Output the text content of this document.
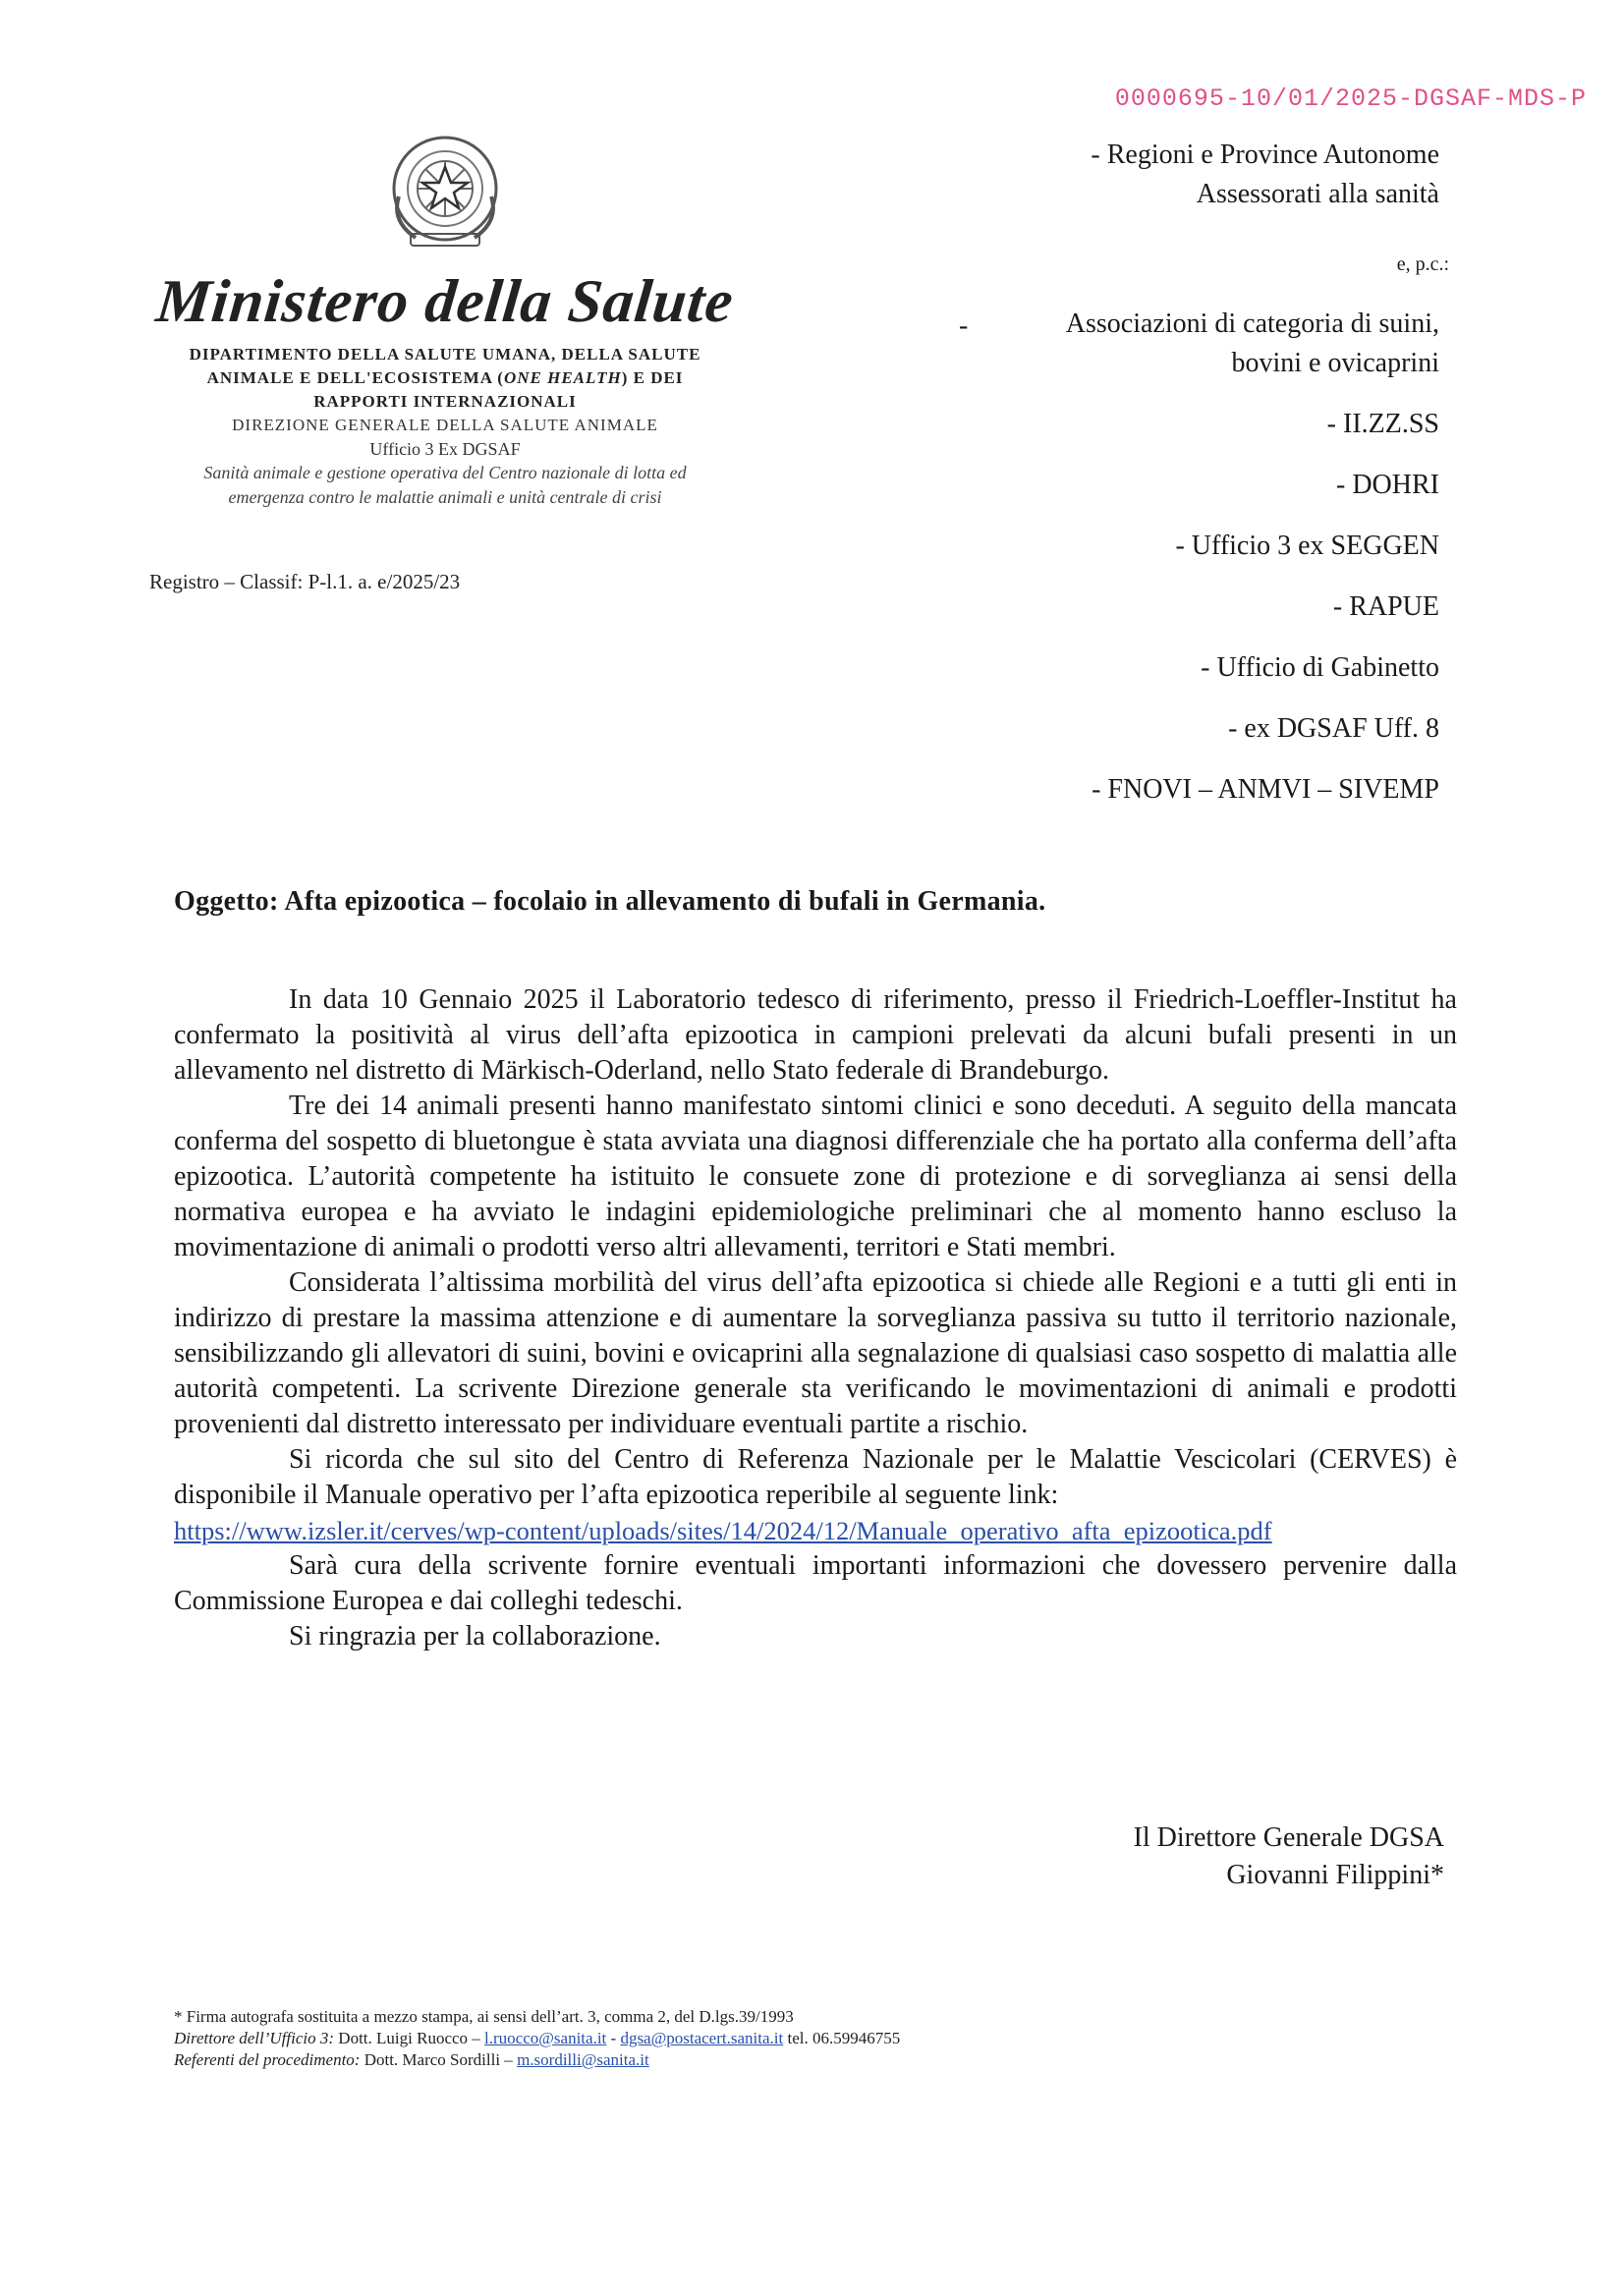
0000695-10/01/2025-DGSAF-MDS-P
Ministero della Salute
DIPARTIMENTO DELLA SALUTE UMANA, DELLA SALUTE
ANIMALE E DELL'ECOSISTEMA (ONE HEALTH) E DEI
RAPPORTI INTERNAZIONALI
DIREZIONE GENERALE DELLA SALUTE ANIMALE
Ufficio 3 Ex DGSAF
Sanità animale e gestione operativa del Centro nazionale di lotta ed
emergenza contro le malattie animali e unità centrale di crisi
Registro – Classif: P-l.1. a. e/2025/23
- Regioni e Province Autonome
Assessorati alla sanità
e, p.c.:
-	Associazioni di categoria di suini,
bovini e ovicaprini
- II.ZZ.SS
- DOHRI
- Ufficio 3 ex SEGGEN
- RAPUE
- Ufficio di Gabinetto
- ex DGSAF Uff. 8
- FNOVI – ANMVI – SIVEMP
Oggetto: Afta epizootica – focolaio in allevamento di bufali in Germania.

In data 10 Gennaio 2025 il Laboratorio tedesco di riferimento, presso il Friedrich-Loeffler-Institut ha confermato la positività al virus dell’afta epizootica in campioni prelevati da alcuni bufali presenti in un allevamento nel distretto di Märkisch-Oderland, nello Stato federale di Brandeburgo.

Tre dei 14 animali presenti hanno manifestato sintomi clinici e sono deceduti. A seguito della mancata conferma del sospetto di bluetongue è stata avviata una diagnosi differenziale che ha portato alla conferma dell’afta epizootica. L’autorità competente ha istituito le consuete zone di protezione e di sorveglianza ai sensi della normativa europea e ha avviato le indagini epidemiologiche preliminari che al momento hanno escluso la movimentazione di animali o prodotti verso altri allevamenti, territori e Stati membri.

Considerata l’altissima morbilità del virus dell’afta epizootica si chiede alle Regioni e a tutti gli enti in indirizzo di prestare la massima attenzione e di aumentare la sorveglianza passiva su tutto il territorio nazionale, sensibilizzando gli allevatori di suini, bovini e ovicaprini alla segnalazione di qualsiasi caso sospetto di malattia alle autorità competenti. La scrivente Direzione generale sta verificando le movimentazioni di animali e prodotti provenienti dal distretto interessato per individuare eventuali partite a rischio.

Si ricorda che sul sito del Centro di Referenza Nazionale per le Malattie Vescicolari (CERVES) è disponibile il Manuale operativo per l’afta epizootica reperibile al seguente link:

https://www.izsler.it/cerves/wp-content/uploads/sites/14/2024/12/Manuale_operativo_afta_epizootica.pdf

Sarà cura della scrivente fornire eventuali importanti informazioni che dovessero pervenire dalla Commissione Europea e dai colleghi tedeschi.

Si ringrazia per la collaborazione.

Il Direttore Generale DGSA
Giovanni Filippini*
* Firma autografa sostituita a mezzo stampa, ai sensi dell’art. 3, comma 2, del D.lgs.39/1993
Direttore dell’Ufficio 3: Dott. Luigi Ruocco – l.ruocco@sanita.it - dgsa@postacert.sanita.it tel. 06.59946755
Referenti del procedimento: Dott. Marco Sordilli – m.sordilli@sanita.it
